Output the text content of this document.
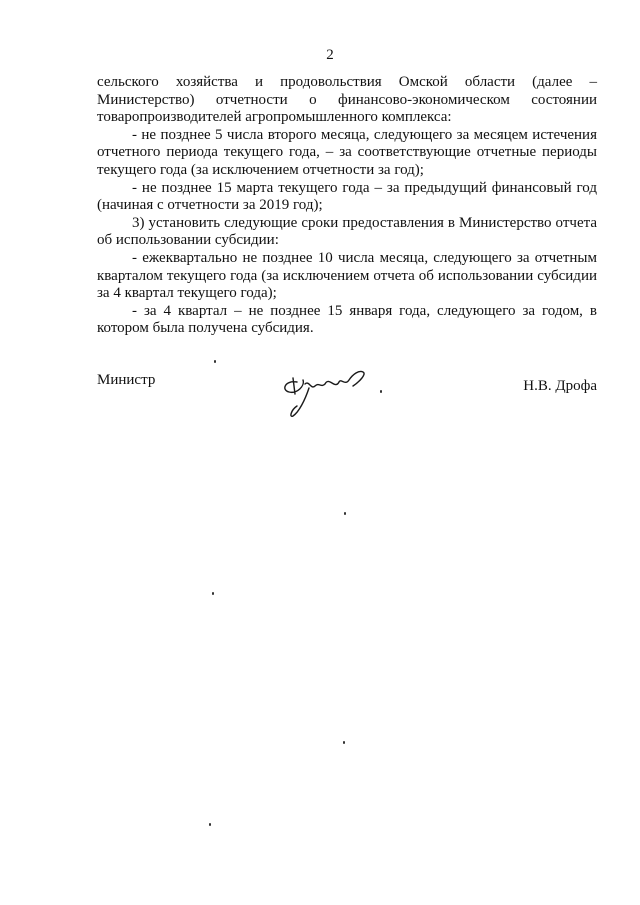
2
сельского хозяйства и продовольствия Омской области (далее –
Министерство) отчетности о финансово-экономическом состоянии
товаропроизводителей агропромышленного комплекса:
- не позднее 5 числа второго месяца, следующего за месяцем истечения
отчетного периода текущего года, – за соответствующие отчетные периоды
текущего года (за исключением отчетности за год);
- не позднее 15 марта текущего года – за предыдущий финансовый год
(начиная с отчетности за 2019 год);
3) установить следующие сроки предоставления в Министерство отчета
об использовании субсидии:
- ежеквартально не позднее 10 числа месяца, следующего за отчетным
кварталом текущего года (за исключением отчета об использовании субсидии
за 4 квартал текущего года);
- за 4 квартал – не позднее 15 января года, следующего за годом, в
котором была получена субсидия.
Министр	Н.В. Дрофа
